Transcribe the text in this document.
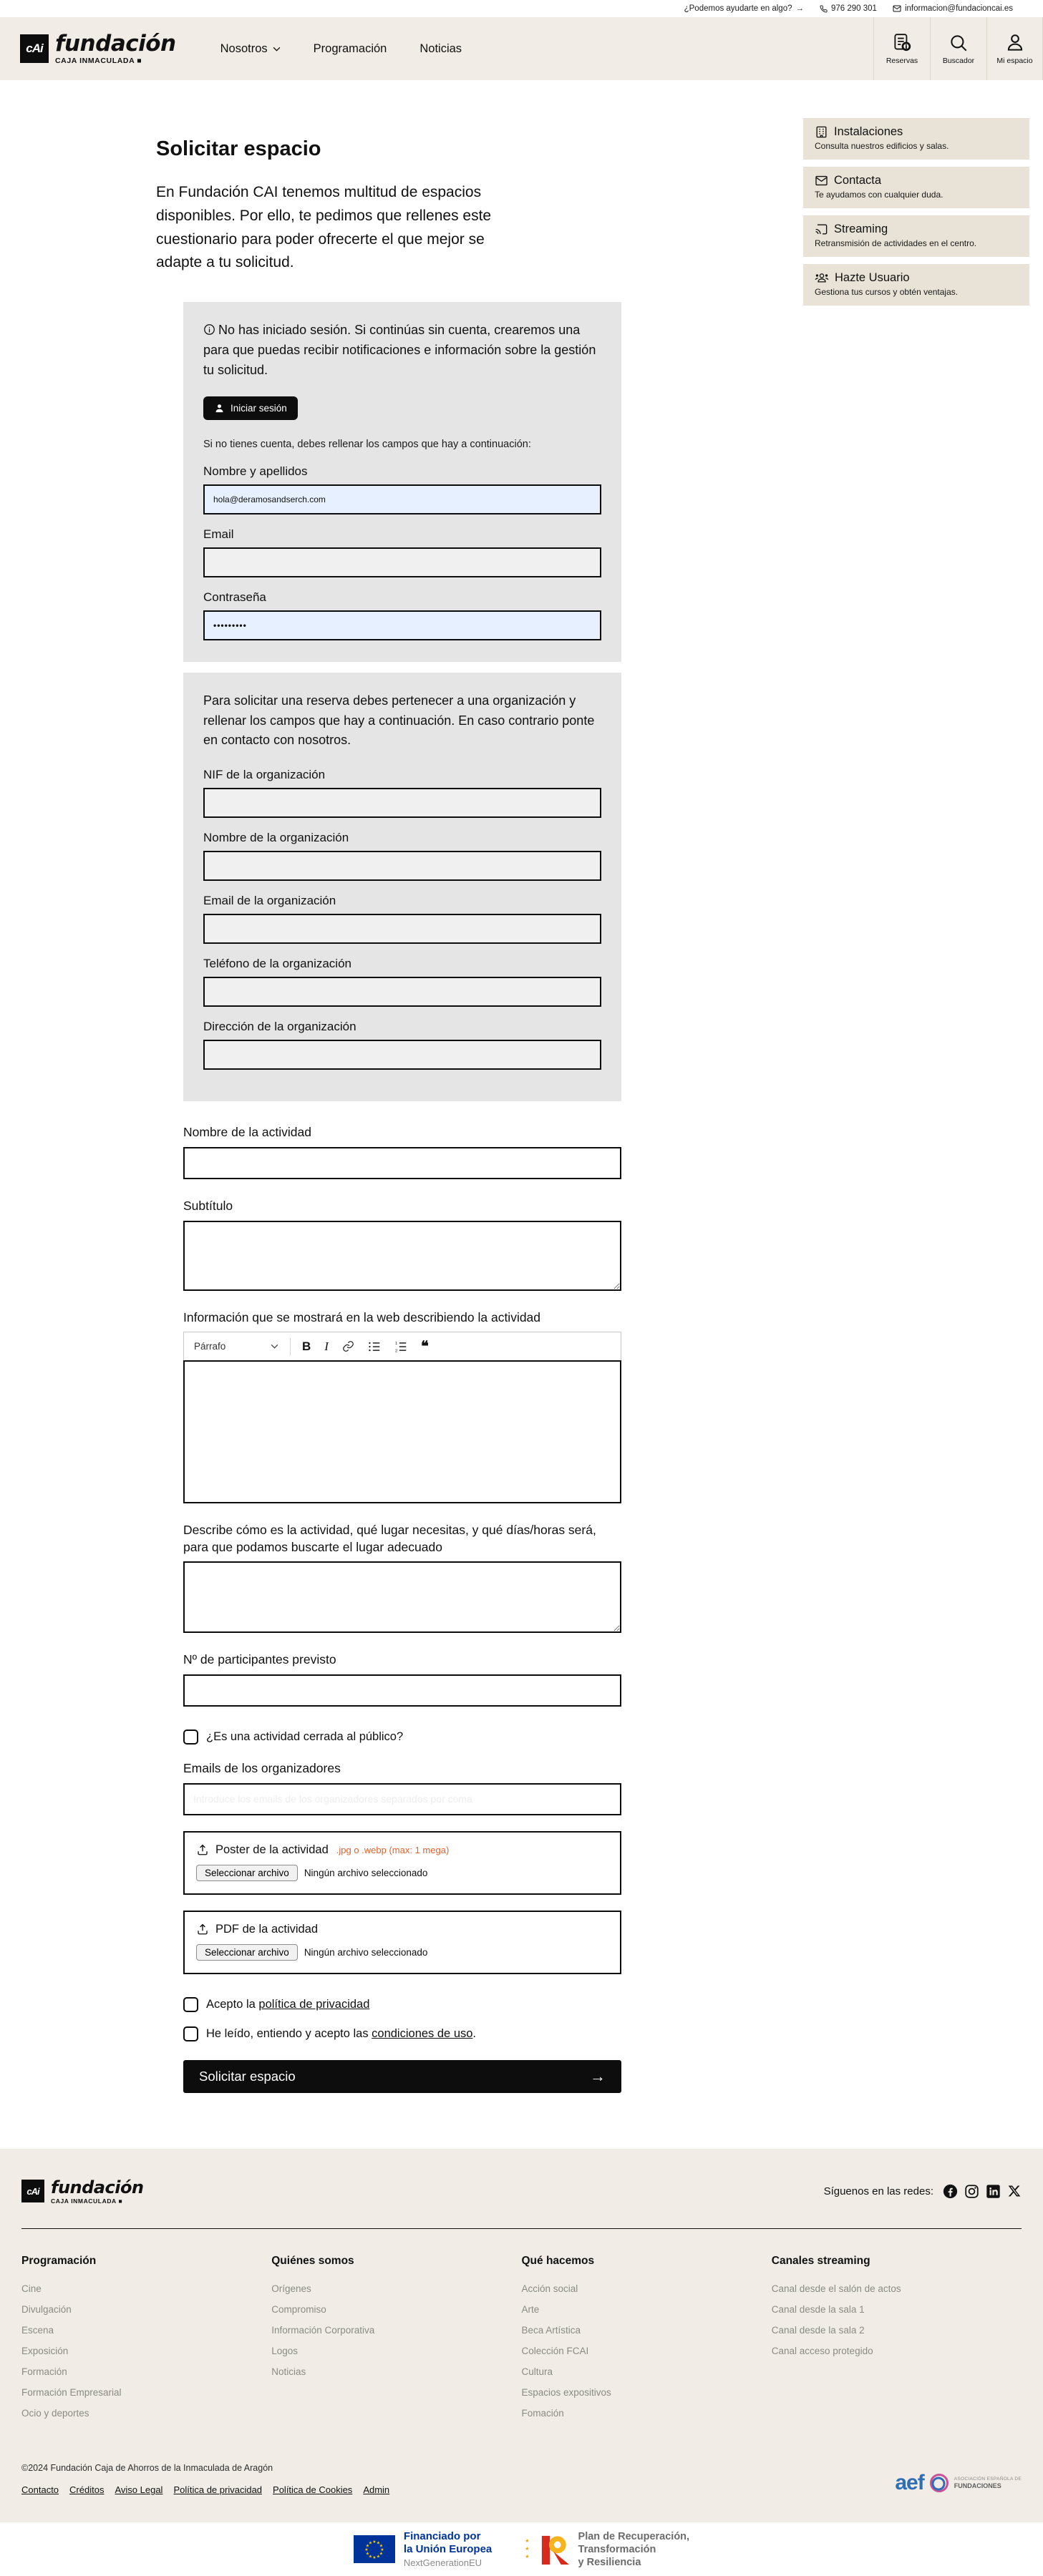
¿Podemos ayudarte en algo? →	976 290 301	informacion@fundacioncai.es
cAi fundación
CAJA INMACULADA ■
Nosotros	Programación	Noticias
Reservas	Buscador	Mi espacio
Instalaciones
Consulta nuestros edificios y salas.
Contacta
Te ayudamos con cualquier duda.
Streaming
Retransmisión de actividades en el centro.
Hazte Usuario
Gestiona tus cursos y obtén ventajas.
Solicitar espacio

En Fundación CAI tenemos multitud de espacios disponibles. Por ello, te pedimos que rellenes este cuestionario para poder ofrecerte el que mejor se adapte a tu solicitud.

No has iniciado sesión. Si continúas sin cuenta, crearemos una para que puedas recibir notificaciones e información sobre la gestión tu solicitud.

Iniciar sesión

Si no tienes cuenta, debes rellenar los campos que hay a continuación:

Nombre y apellidos
hola@deramosandserch.com
Email
Contraseña
•••••••••

Para solicitar una reserva debes pertenecer a una organización y rellenar los campos que hay a continuación. En caso contrario ponte en contacto con nosotros.

NIF de la organización
Nombre de la organización
Email de la organización
Teléfono de la organización
Dirección de la organización
Nombre de la actividad
Subtítulo
Información que se mostrará en la web describiendo la actividad
Párrafo	B I	1
2 ❝
Describe cómo es la actividad, qué lugar necesitas, y qué días/horas será, para que podamos buscarte el lugar adecuado
Nº de participantes previsto
¿Es una actividad cerrada al público?
Emails de los organizadores
Introduce los emails de los organizadores separados por coma
Poster de la actividad .jpg o .webp (max: 1 mega)
Seleccionar archivo	Ningún archivo seleccionado
PDF de la actividad
Seleccionar archivo	Ningún archivo seleccionado
Acepto la política de privacidad
He leído, entiendo y acepto las condiciones de uso.
Solicitar espacio	→
cAi fundación
CAJA INMACULADA ■
Síguenos en las redes:
Programación
Cine
Divulgación
Escena
Exposición
Formación
Formación Empresarial
Ocio y deportes
Quiénes somos
Orígenes
Compromiso
Información Corporativa
Logos
Noticias
Qué hacemos
Acción social
Arte
Beca Artística
Colección FCAI
Cultura
Espacios expositivos
Fomación
Canales streaming
Canal desde el salón de actos
Canal desde la sala 1
Canal desde la sala 2
Canal acceso protegido
©2024 Fundación Caja de Ahorros de la Inmaculada de Aragón
Contacto Créditos Aviso Legal Política de privacidad Política de Cookies Admin	aef	ASOCIACIÓN ESPAÑOLA DE
FUNDACIONES
★ ★
★
★
★
★
★
★
★
★
★
★
Financiado por
la Unión Europea
NextGenerationEU
★
★
★
Plan de Recuperación,
Transformación
y Resiliencia
